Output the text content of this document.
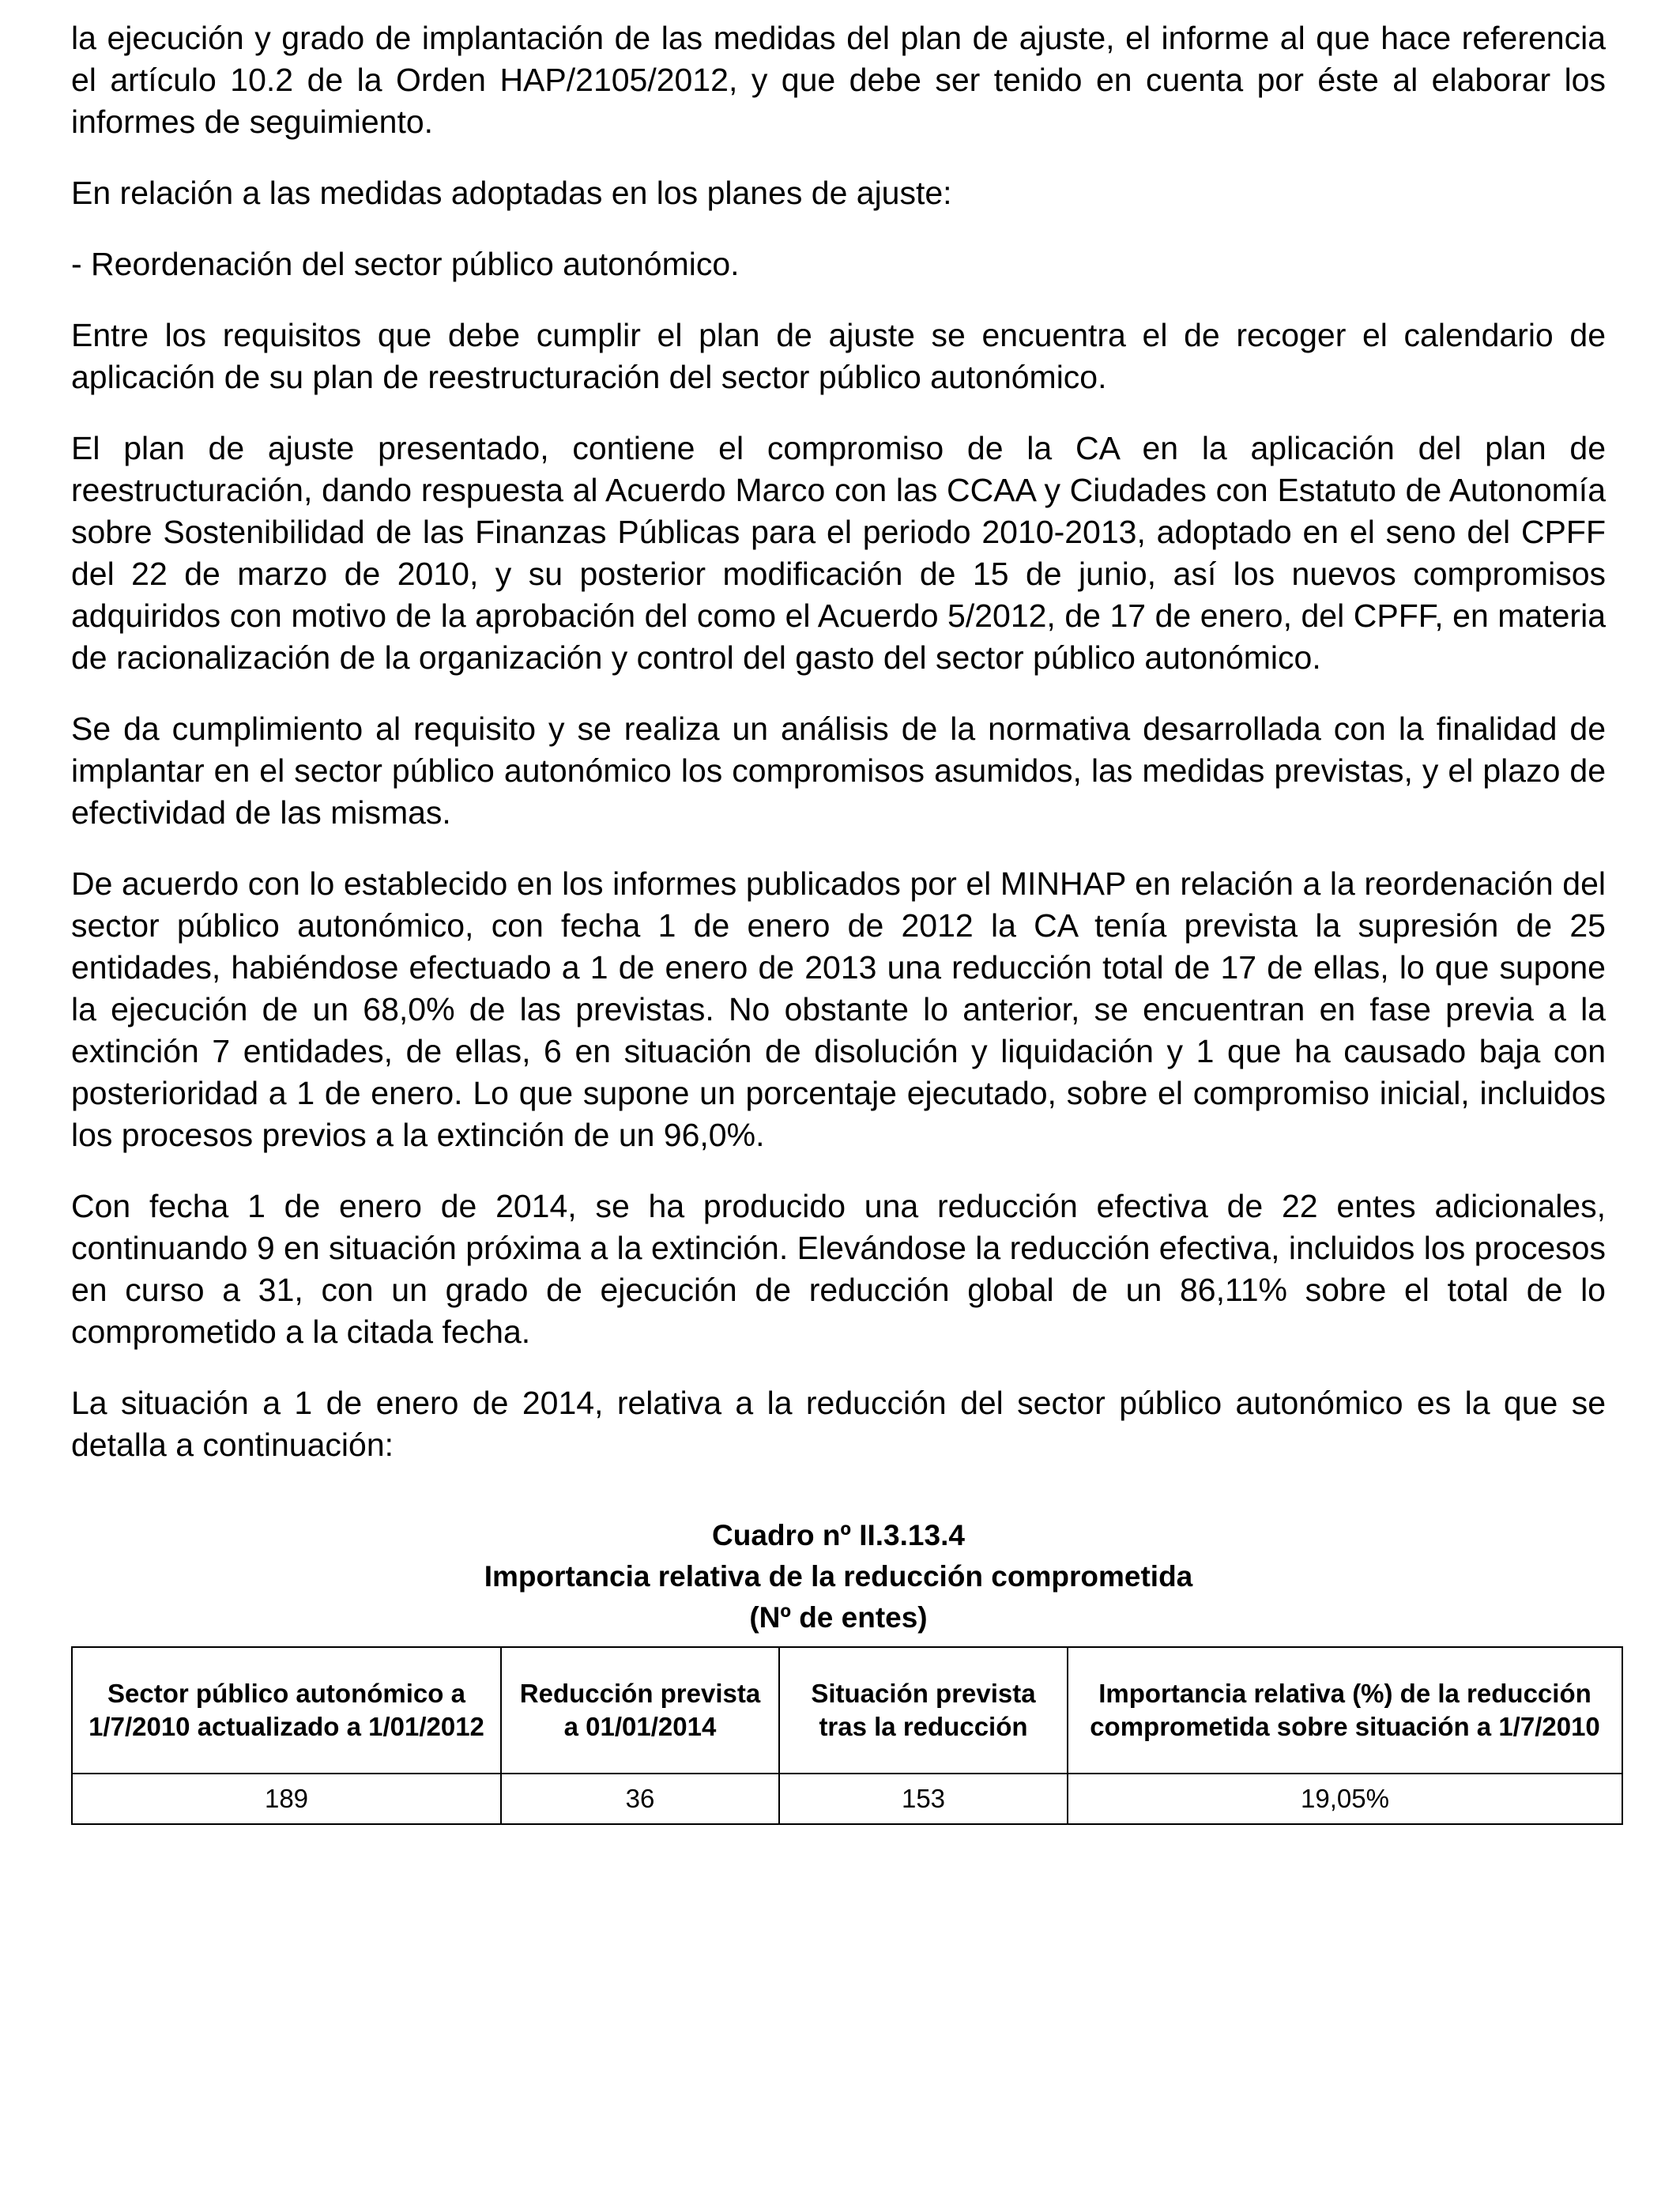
la ejecución y grado de implantación de las medidas del plan de ajuste, el informe al que hace referencia el artículo 10.2 de la Orden HAP/2105/2012, y que debe ser tenido en cuenta por éste al elaborar los informes de seguimiento.

En relación a las medidas adoptadas en los planes de ajuste:

- Reordenación del sector público autonómico.

Entre los requisitos que debe cumplir el plan de ajuste se encuentra el de recoger el calendario de aplicación de su plan de reestructuración del sector público autonómico.

El plan de ajuste presentado, contiene el compromiso de la CA en la aplicación del plan de reestructuración, dando respuesta al Acuerdo Marco con las CCAA y Ciudades con Estatuto de Autonomía sobre Sostenibilidad de las Finanzas Públicas para el periodo 2010-2013, adoptado en el seno del CPFF del 22 de marzo de 2010, y su posterior modificación de 15 de junio, así los nuevos compromisos adquiridos con motivo de la aprobación del como el Acuerdo 5/2012, de 17 de enero, del CPFF, en materia de racionalización de la organización y control del gasto del sector público autonómico.

Se da cumplimiento al requisito y se realiza un análisis de la normativa desarrollada con la finalidad de implantar en el sector público autonómico los compromisos asumidos, las medidas previstas, y el plazo de efectividad de las mismas.

De acuerdo con lo establecido en los informes publicados por el MINHAP en relación a la reordenación del sector público autonómico, con fecha 1 de enero de 2012 la CA tenía prevista la supresión de 25 entidades, habiéndose efectuado a 1 de enero de 2013 una reducción total de 17 de ellas, lo que supone la ejecución de un 68,0% de las previstas. No obstante lo anterior, se encuentran en fase previa a la extinción 7 entidades, de ellas, 6 en situación de disolución y liquidación y 1 que ha causado baja con posterioridad a 1 de enero. Lo que supone un porcentaje ejecutado, sobre el compromiso inicial, incluidos los procesos previos a la extinción de un 96,0%.

Con fecha 1 de enero de 2014, se ha producido una reducción efectiva de 22 entes adicionales, continuando 9 en situación próxima a la extinción. Elevándose la reducción efectiva, incluidos los procesos en curso a 31, con un grado de ejecución de reducción global de un 86,11% sobre el total de lo comprometido a la citada fecha.

La situación a 1 de enero de 2014, relativa a la reducción del sector público autonómico es la que se detalla a continuación:

Cuadro nº II.3.13.4
Importancia relativa de la reducción comprometida
(Nº de entes)
Sector público autonómico a 1/7/2010 actualizado a 1/01/2012	Reducción prevista a 01/01/2014	Situación prevista tras la reducción	Importancia relativa (%) de la reducción comprometida sobre situación a 1/7/2010
189	36	153	19,05%
